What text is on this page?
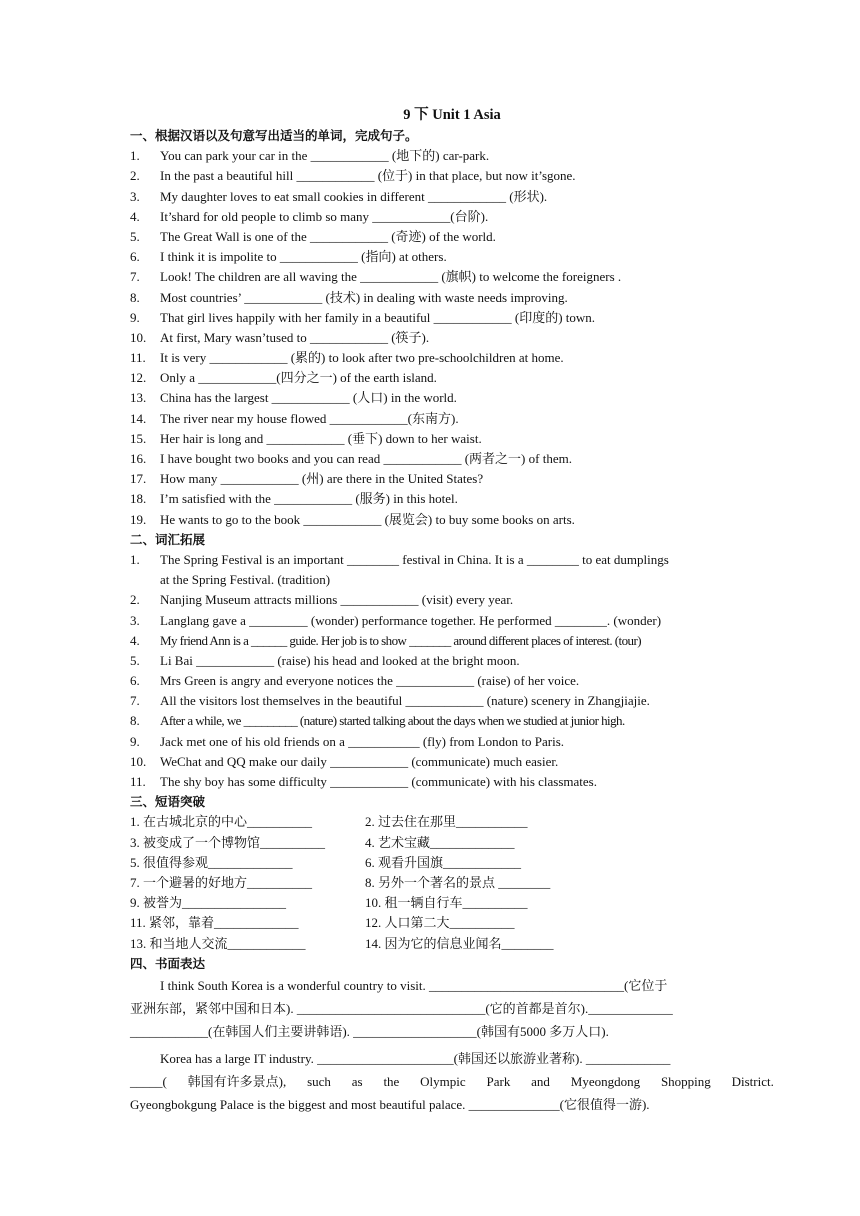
9 下 Unit 1 Asia
一、根据汉语以及句意写出适当的单词，完成句子。
1.	You can park your car in the ____________ (地下的) car-park.
2.	In the past a beautiful hill ____________ (位于) in that place, but now it’sgone.
3.	My daughter loves to eat small cookies in different ____________ (形状).
4.	It’shard for old people to climb so many ____________(台阶).
5.	The Great Wall is one of the ____________ (奇迹) of the world.
6.	I think it is impolite to ____________ (指向) at others.
7.	Look! The children are all waving the ____________ (旗帜) to welcome the foreigners .
8.	Most countries’ ____________ (技术) in dealing with waste needs improving.
9.	That girl lives happily with her family in a beautiful ____________ (印度的) town.
10.	At first, Mary wasn’tused to ____________ (筷子).
11.	It is very ____________ (累的) to look after two pre-schoolchildren at home.
12.	Only a ____________(四分之一) of the earth island.
13.	China has the largest ____________ (人口) in the world.
14.	The river near my house flowed ____________(东南方).
15.	Her hair is long and ____________ (垂下) down to her waist.
16.	I have bought two books and you can read ____________ (两者之一) of them.
17.	How many ____________ (州) are there in the United States?
18.	I’m satisfied with the ____________ (服务) in this hotel.
19.	He wants to go to the book ____________ (展览会) to buy some books on arts.
二、词汇拓展
1.	The Spring Festival is an important ________ festival in China. It is a ________ to eat dumplings
at the Spring Festival. (tradition)
2.	Nanjing Museum attracts millions ____________ (visit) every year.
3.	Langlang gave a _________ (wonder) performance together. He performed ________. (wonder)
4.	My friend Ann is a ______ guide. Her job is to show _______ around different places of interest. (tour)
5.	Li Bai ____________ (raise) his head and looked at the bright moon.
6.	Mrs Green is angry and everyone notices the ____________ (raise) of her voice.
7.	All the visitors lost themselves in the beautiful ____________ (nature) scenery in Zhangjiajie.
8.	After a while, we _________ (nature) started talking about the days when we studied at junior high.
9.	Jack met one of his old friends on a ___________ (fly) from London to Paris.
10.	WeChat and QQ make our daily ____________ (communicate) much easier.
11.	The shy boy has some difficulty ____________ (communicate) with his classmates.
三、短语突破
1. 在古城北京的中心__________	2. 过去住在那里___________
3. 被变成了一个博物馆__________	4. 艺术宝藏_____________
5. 很值得参观_____________	6. 观看升国旗____________
7. 一个避暑的好地方__________	8. 另外一个著名的景点 ________
9. 被誉为________________	10. 租一辆自行车__________
11. 紧邻，靠着_____________	12. 人口第二大__________
13. 和当地人交流____________	14. 因为它的信息业闻名________
四、书面表达
I think South Korea is a wonderful country to visit. ______________________________(它位于
亚洲东部，紧邻中国和日本). _____________________________(它的首都是首尔)._____________
____________(在韩国人们主要讲韩语). ___________________(韩国有5000 多万人口).
Korea has a large IT industry. _____________________(韩国还以旅游业著称). _____________
_____( 韩国有许多景点), such as the Olympic Park and Myeongdong Shopping District.
Gyeongbokgung Palace is the biggest and most beautiful palace. ______________(它很值得一游).
